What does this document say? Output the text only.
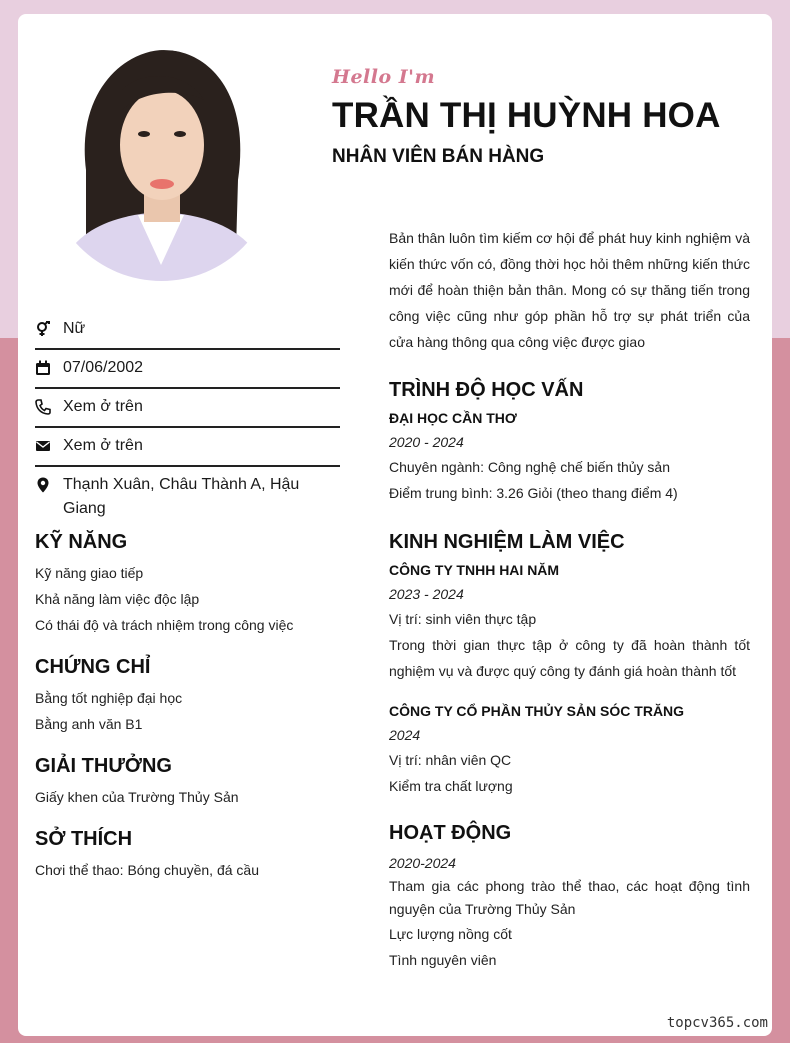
Hello I'm
TRẦN THỊ HUỲNH HOA
NHÂN VIÊN BÁN HÀNG
Nữ
07/06/2002
Xem ở trên
Xem ở trên
Thạnh Xuân, Châu Thành A, Hậu Giang
KỸ NĂNG
Kỹ năng giao tiếp
Khả năng làm việc độc lập
Có thái độ và trách nhiệm trong công việc
CHỨNG CHỈ
Bằng tốt nghiệp đại học
Bằng anh văn B1
GIẢI THƯỞNG
Giấy khen của Trường Thủy Sản
SỞ THÍCH
Chơi thể thao: Bóng chuyền, đá cầu
Bản thân luôn tìm kiếm cơ hội để phát huy kinh nghiệm và kiến thức vốn có, đồng thời học hỏi thêm những kiến thức mới để hoàn thiện bản thân. Mong có sự thăng tiến trong công việc cũng như góp phần hỗ trợ sự phát triển của cửa hàng thông qua công việc được giao
TRÌNH ĐỘ HỌC VẤN
ĐẠI HỌC CẦN THƠ
2020 - 2024
Chuyên ngành: Công nghệ chế biến thủy sản
Điểm trung bình: 3.26 Giỏi (theo thang điểm 4)
KINH NGHIỆM LÀM VIỆC
CÔNG TY TNHH HAI NĂM
2023 - 2024
Vị trí: sinh viên thực tập
Trong thời gian thực tập ở công ty đã hoàn thành tốt nghiệm vụ và được quý công ty đánh giá hoàn thành tốt
CÔNG TY CỔ PHẦN THỦY SẢN SÓC TRĂNG
2024
Vị trí: nhân viên QC
Kiểm tra chất lượng
HOẠT ĐỘNG
2020-2024
Tham gia các phong trào thể thao, các hoạt động tình nguyện của Trường Thủy Sản
Lực lượng nồng cốt
Tình nguyên viên
topcv365.com
